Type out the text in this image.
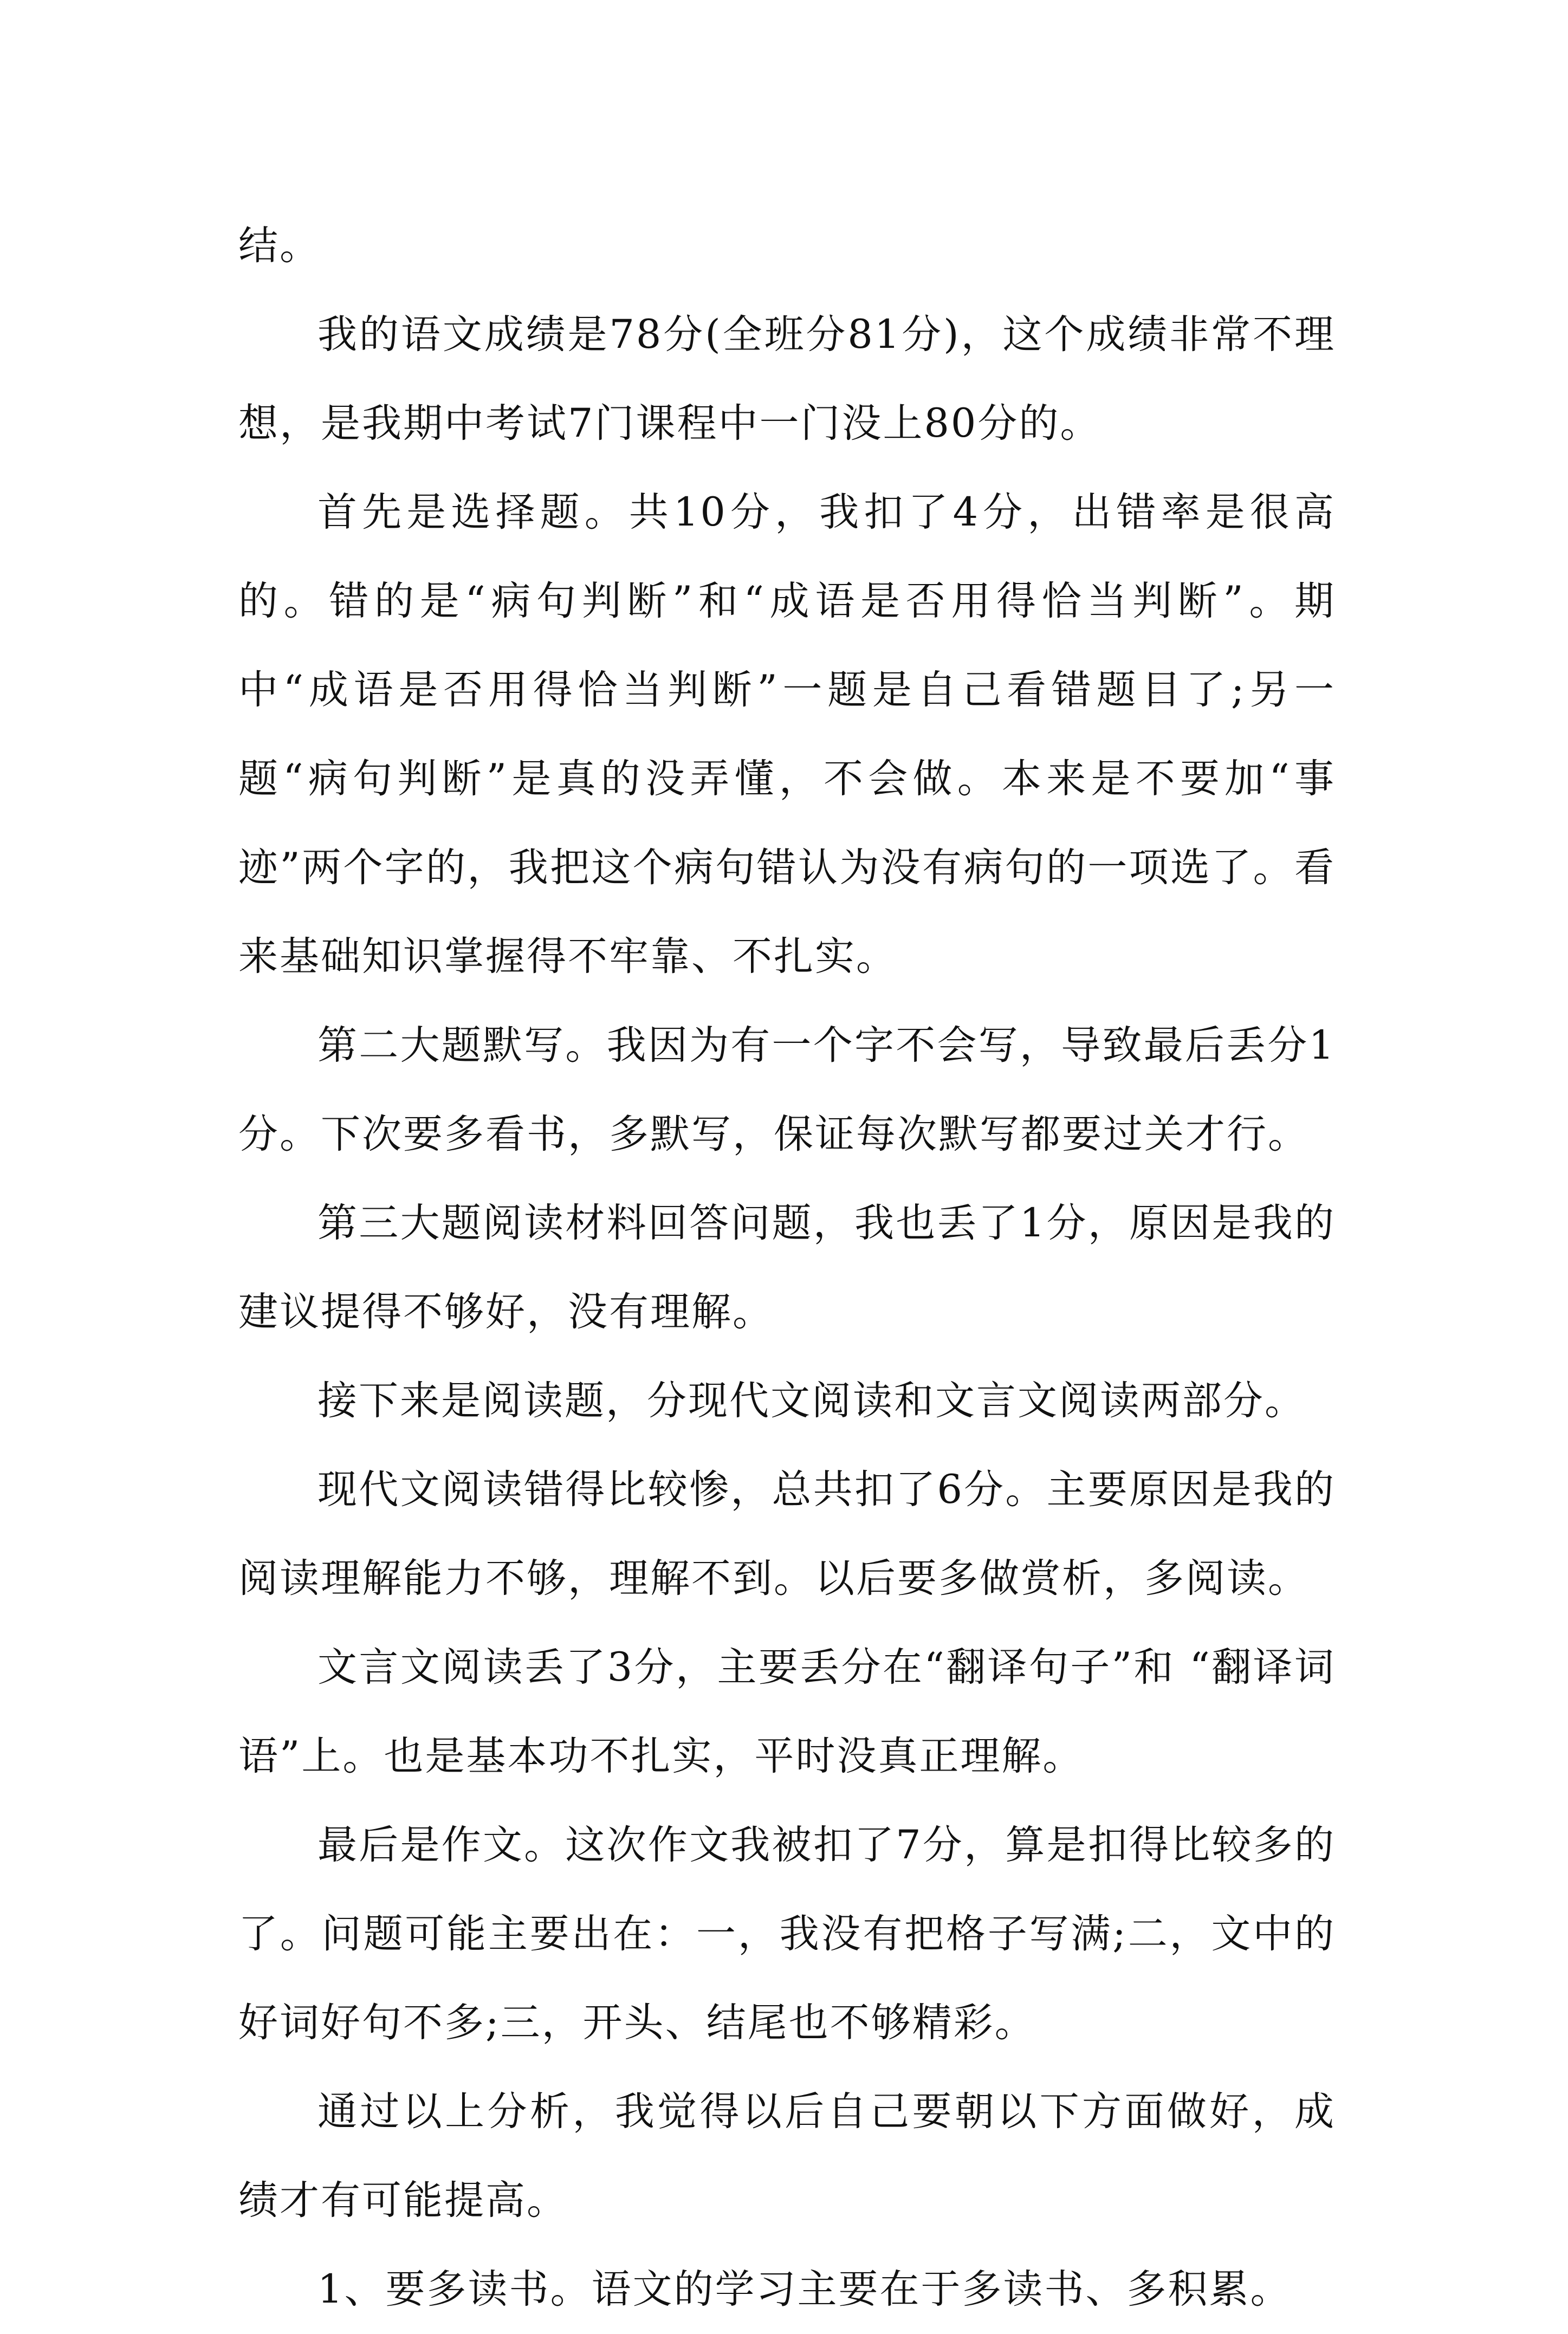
结。

我的语文成绩是78分(全班分81分)，这个成绩非常不理想，是我期中考试7门课程中一门没上80分的。

首先是选择题。共10分，我扣了4分，出错率是很高的。错的是“病句判断”和“成语是否用得恰当判断”。期中“成语是否用得恰当判断”一题是自己看错题目了;另一题“病句判断”是真的没弄懂，不会做。本来是不要加“事迹”两个字的，我把这个病句错认为没有病句的一项选了。看来基础知识掌握得不牢靠、不扎实。

第二大题默写。我因为有一个字不会写，导致最后丢分1分。下次要多看书，多默写，保证每次默写都要过关才行。

第三大题阅读材料回答问题，我也丢了1分，原因是我的建议提得不够好，没有理解。

接下来是阅读题，分现代文阅读和文言文阅读两部分。

现代文阅读错得比较惨，总共扣了6分。主要原因是我的阅读理解能力不够，理解不到。以后要多做赏析，多阅读。

文言文阅读丢了3分，主要丢分在“翻译句子”和 “翻译词语”上。也是基本功不扎实，平时没真正理解。

最后是作文。这次作文我被扣了7分，算是扣得比较多的了。问题可能主要出在：一，我没有把格子写满;二，文中的好词好句不多;三，开头、结尾也不够精彩。

通过以上分析，我觉得以后自己要朝以下方面做好，成绩才有可能提高。

1、要多读书。语文的学习主要在于多读书、多积累。
